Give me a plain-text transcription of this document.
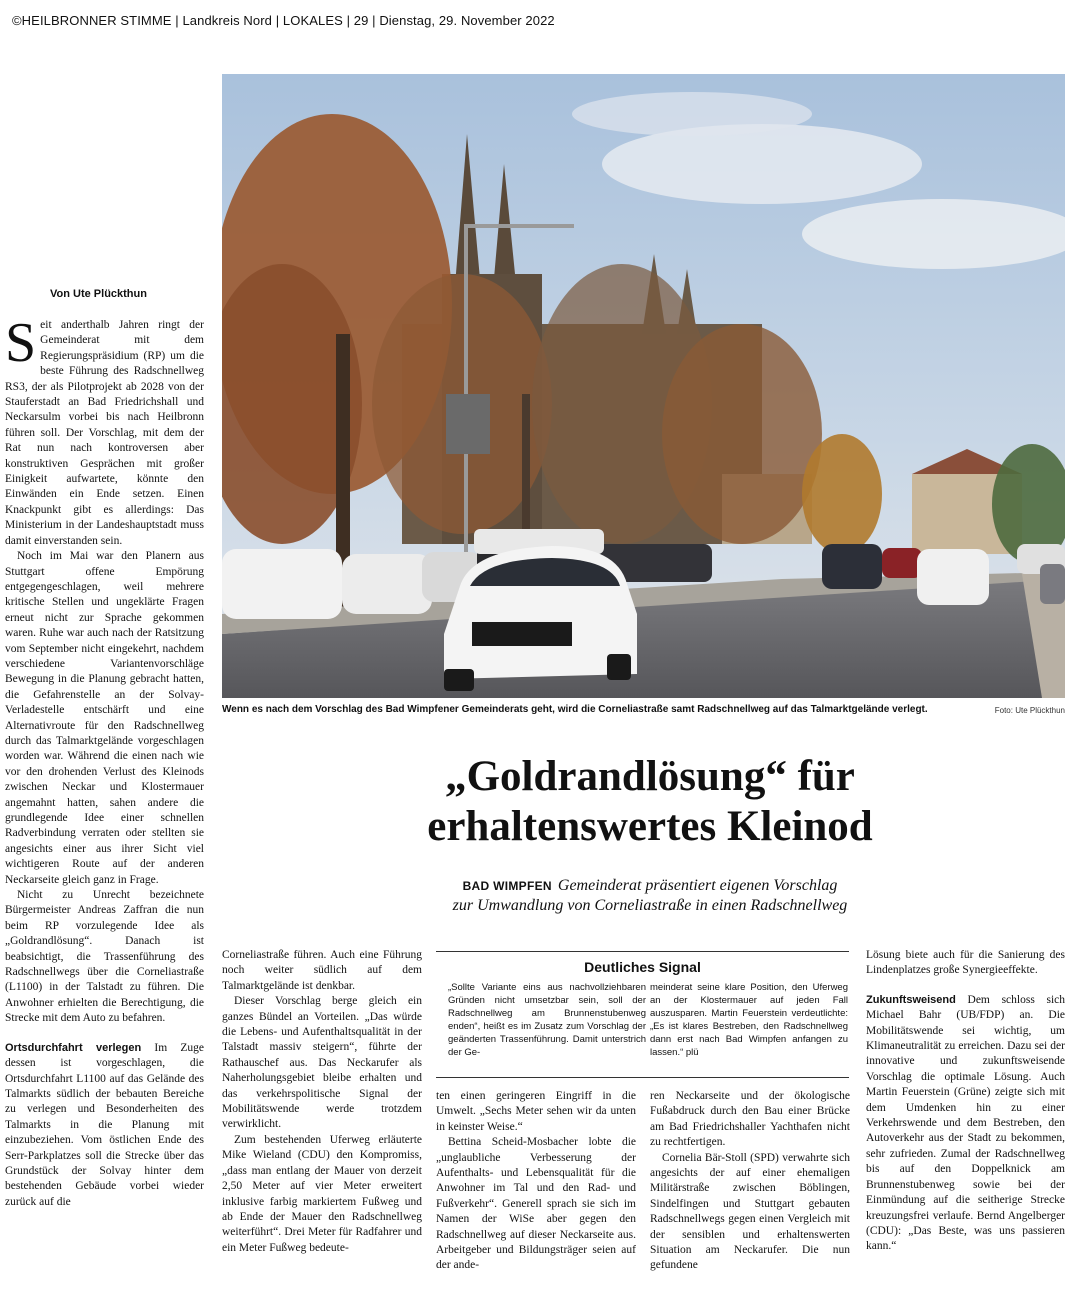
©HEILBRONNER STIMME | Landkreis Nord | LOKALES | 29 | Dienstag, 29. November 2022
Wenn es nach dem Vorschlag des Bad Wimpfener Gemeinderats geht, wird die Corneliastraße samt Radschnellweg auf das Talmarktgelände verlegt.	Foto: Ute Plückthun
Von Ute Plückthun

Seit anderthalb Jahren ringt der Gemeinderat mit dem Regierungspräsidium (RP) um die beste Führung des Radschnellweg RS3, der als Pilotprojekt ab 2028 von der Stauferstadt an Bad Friedrichshall und Neckarsulm vorbei bis nach Heilbronn führen soll. Der Vorschlag, mit dem der Rat nun nach kontroversen aber konstruktiven Gesprächen mit großer Einigkeit aufwartete, könnte den Einwänden ein Ende setzen. Einen Knackpunkt gibt es allerdings: Das Ministerium in der Landeshauptstadt muss damit einverstanden sein.

Noch im Mai war den Planern aus Stuttgart offene Empörung entgegengeschlagen, weil mehrere kritische Stellen und ungeklärte Fragen erneut nicht zur Sprache gekommen waren. Ruhe war auch nach der Ratsitzung vom September nicht eingekehrt, nachdem verschiedene Variantenvorschläge Bewegung in die Planung gebracht hatten, die Gefahrenstelle an der Solvay-Verladestelle entschärft und eine Alternativroute für den Radschnellweg durch das Talmarktgelände vorgeschlagen worden war. Während die einen nach wie vor den drohenden Verlust des Kleinods zwischen Neckar und Klostermauer angemahnt hatten, sahen andere die grundlegende Idee einer schnellen Radverbindung verraten oder stellten sie angesichts einer aus ihrer Sicht viel wichtigeren Route auf der anderen Neckarseite gleich ganz in Frage.

Nicht zu Unrecht bezeichnete Bürgermeister Andreas Zaffran die nun beim RP vorzulegende Idee als „Goldrandlösung“. Danach ist beabsichtigt, die Trassenführung des Radschnellwegs über die Corneliastraße (L1100) in der Talstadt zu führen. Die Anwohner erhielten die Berechtigung, die Strecke mit dem Auto zu befahren.

Ortsdurchfahrt verlegen Im Zuge dessen ist vorgeschlagen, die Ortsdurchfahrt L1100 auf das Gelände des Talmarkts südlich der bebauten Bereiche zu verlegen und Besonderheiten des Talmarkts in die Planung mit einzubeziehen. Vom östlichen Ende des Serr-Parkplatzes soll die Strecke über das Grundstück der Solvay hinter dem bestehenden Gebäude vorbei wieder zurück auf die

„Goldrandlösung“ für
erhaltenswertes Kleinod
BAD WIMPFEN Gemeinderat präsentiert eigenen Vorschlag
zur Umwandlung von Corneliastraße in einen Radschnellweg

Corneliastraße führen. Auch eine Führung noch weiter südlich auf dem Talmarktgelände ist denkbar.

Dieser Vorschlag berge gleich ein ganzes Bündel an Vorteilen. „Das würde die Lebens- und Aufenthaltsqualität in der Talstadt massiv steigern“, führte der Rathauschef aus. Das Neckarufer als Naherholungsgebiet bleibe erhalten und das verkehrspolitische Signal der Mobilitätswende werde trotzdem verwirklicht.

Zum bestehenden Uferweg erläuterte Mike Wieland (CDU) den Kompromiss, „dass man entlang der Mauer von derzeit 2,50 Meter auf vier Meter erweitert inklusive farbig markiertem Fußweg und ab Ende der Mauer den Radschnellweg weiterführt“. Drei Meter für Radfahrer und ein Meter Fußweg bedeute-

Deutliches Signal
„Sollte Variante eins aus nachvollziehbaren Gründen nicht umsetzbar sein, soll der Radschnellweg am Brunnenstubenweg enden“, heißt es im Zusatz zum Vorschlag der geänderten Trassenführung. Damit unterstrich der Ge-
meinderat seine klare Position, den Uferweg an der Klostermauer auf jeden Fall auszusparen. Martin Feuerstein verdeutlichte: „Es ist klares Bestreben, den Radschnellweg dann erst nach Bad Wimpfen anfangen zu lassen.“ plü

ten einen geringeren Eingriff in die Umwelt. „Sechs Meter sehen wir da unten in keinster Weise.“

Bettina Scheid-Mosbacher lobte die „unglaubliche Verbesserung der Aufenthalts- und Lebensqualität für die Anwohner im Tal und den Rad- und Fußverkehr“. Generell sprach sie sich im Namen der WiSe aber gegen den Radschnellweg auf dieser Neckarseite aus. Arbeitgeber und Bildungsträger seien auf der ande-

ren Neckarseite und der ökologische Fußabdruck durch den Bau einer Brücke am Bad Friedrichshaller Yachthafen nicht zu rechtfertigen.

Cornelia Bär-Stoll (SPD) verwahrte sich angesichts der auf einer ehemaligen Militärstraße zwischen Böblingen, Sindelfingen und Stuttgart gebauten Radschnellwegs gegen einen Vergleich mit der sensiblen und erhaltenswerten Situation am Neckarufer. Die nun gefundene

Lösung biete auch für die Sanierung des Lindenplatzes große Synergieeffekte.

Zukunftsweisend Dem schloss sich Michael Bahr (UB/FDP) an. Die Mobilitätswende sei wichtig, um Klimaneutralität zu erreichen. Dazu sei der innovative und zukunftsweisende Vorschlag die optimale Lösung. Auch Martin Feuerstein (Grüne) zeigte sich mit dem Umdenken hin zu einer Verkehrswende und dem Bestreben, den Autoverkehr aus der Stadt zu bekommen, sehr zufrieden. Zumal der Radschnellweg bis auf den Doppelknick am Brunnenstubenweg sowie bei der Einmündung auf die seitherige Strecke kreuzungsfrei verlaufe. Bernd Angelberger (CDU): „Das Beste, was uns passieren kann.“
